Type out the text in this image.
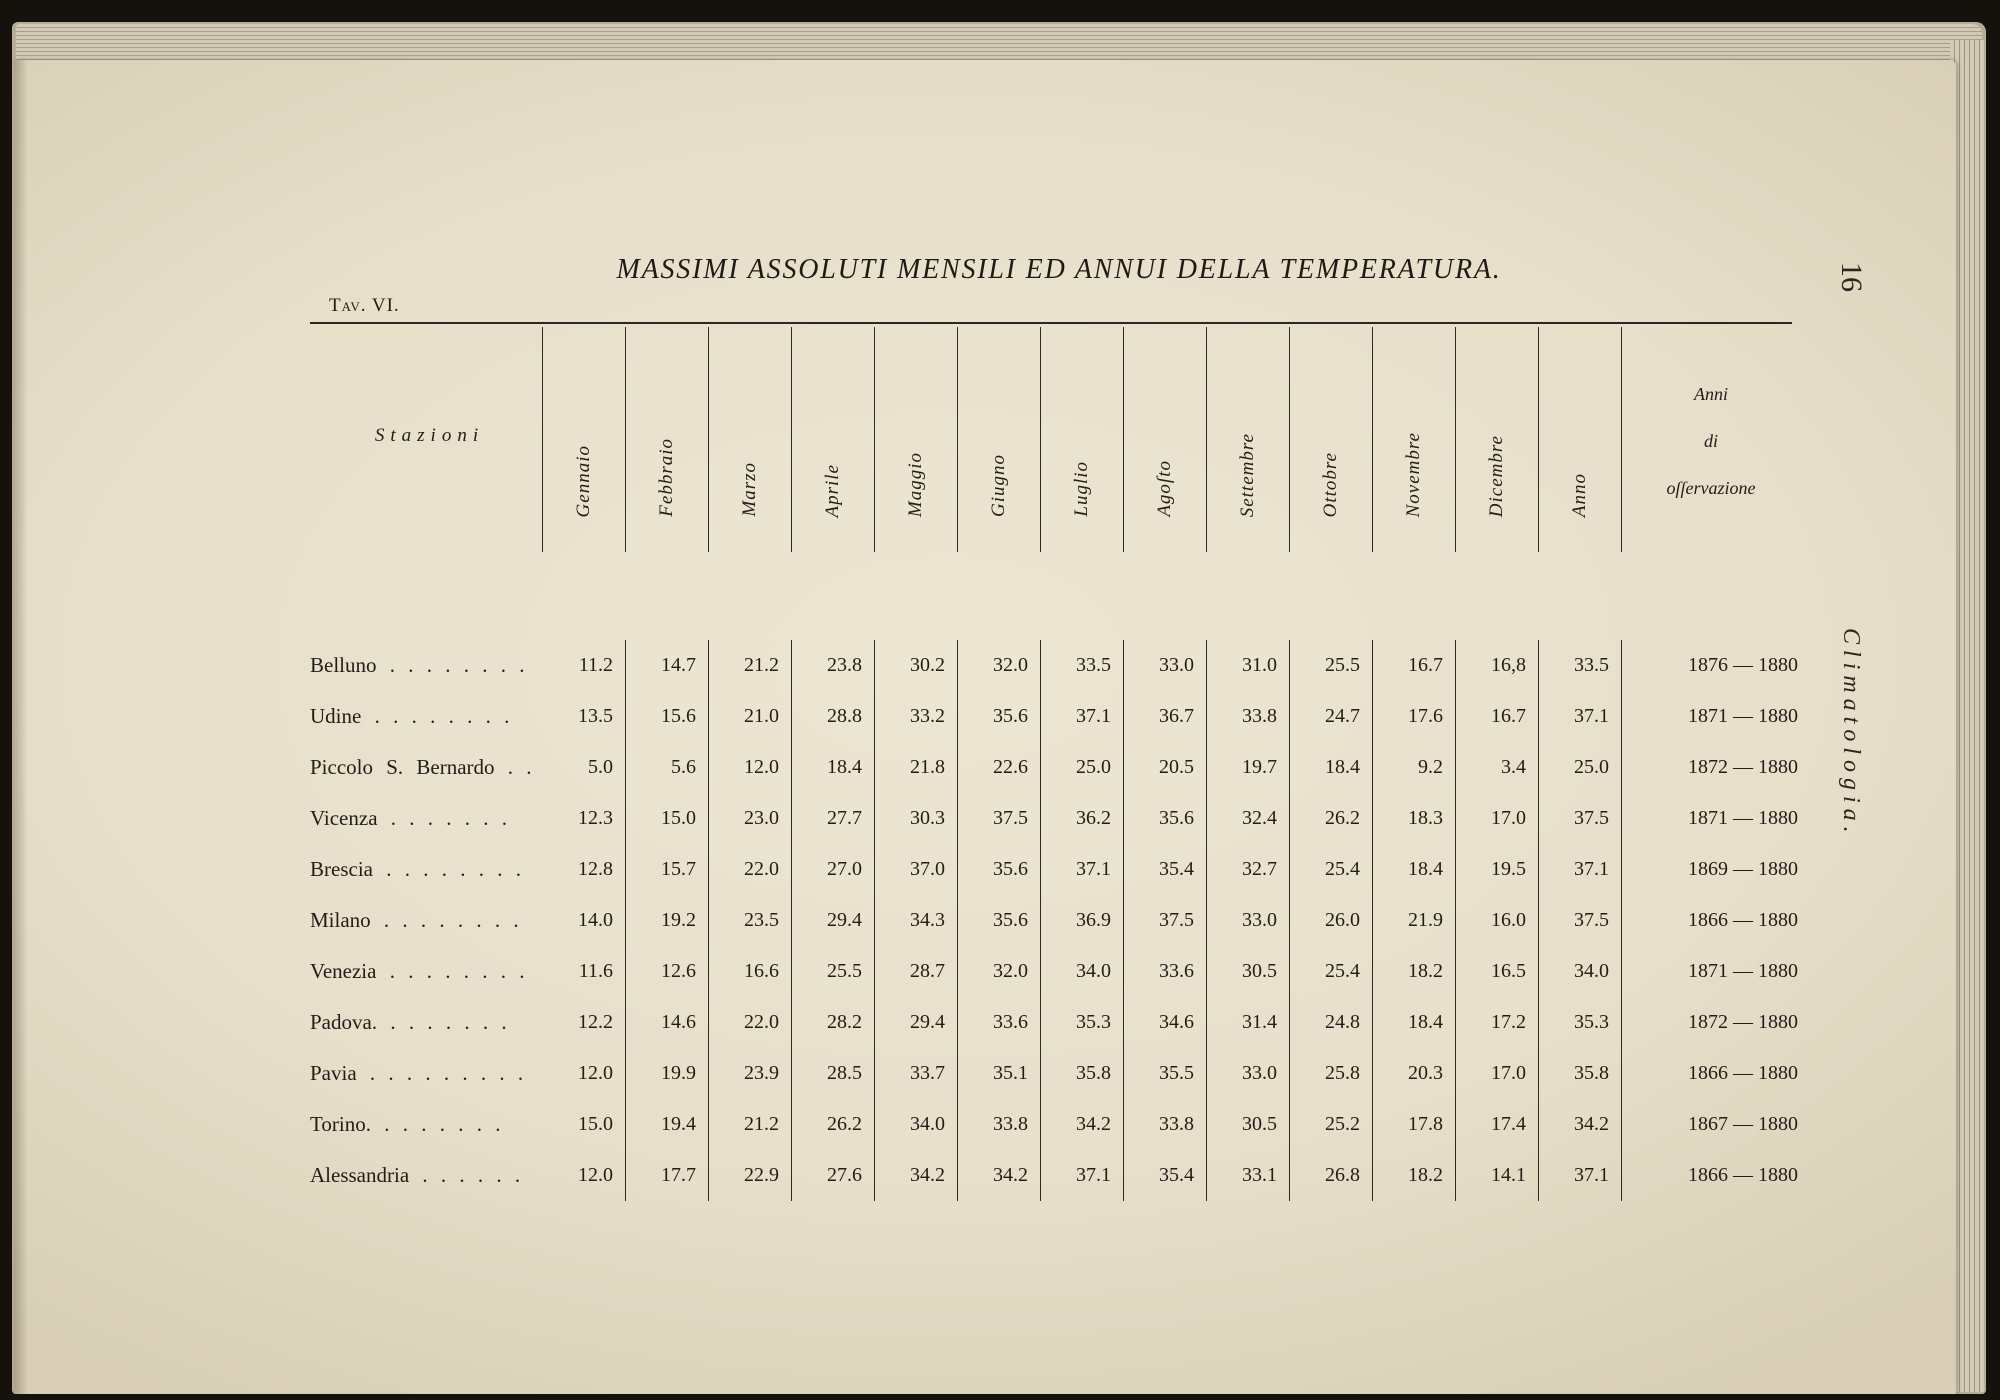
MASSIMI ASSOLUTI MENSILI ED ANNUI DELLA TEMPERATURA.
Tav. VI.
16
Climatologia.
Stazioni
Gennaio	Febbraio	Marzo	Aprile	Maggio	Giugno	Luglio	Agoſto	Settembre	Ottobre	Novembre	Dicembre	Anno
Anni
di
oſſervazione
Belluno . . . . . . . .	11.2	14.7	21.2	23.8	30.2	32.0	33.5	33.0	31.0	25.5	16.7	16,8	33.5	1876 — 1880
Udine . . . . . . . .	13.5	15.6	21.0	28.8	33.2	35.6	37.1	36.7	33.8	24.7	17.6	16.7	37.1	1871 — 1880
Piccolo S. Bernardo . .	5.0	5.6	12.0	18.4	21.8	22.6	25.0	20.5	19.7	18.4	9.2	3.4	25.0	1872 — 1880
Vicenza . . . . . . .	12.3	15.0	23.0	27.7	30.3	37.5	36.2	35.6	32.4	26.2	18.3	17.0	37.5	1871 — 1880
Brescia . . . . . . . .	12.8	15.7	22.0	27.0	37.0	35.6	37.1	35.4	32.7	25.4	18.4	19.5	37.1	1869 — 1880
Milano . . . . . . . .	14.0	19.2	23.5	29.4	34.3	35.6	36.9	37.5	33.0	26.0	21.9	16.0	37.5	1866 — 1880
Venezia . . . . . . . .	11.6	12.6	16.6	25.5	28.7	32.0	34.0	33.6	30.5	25.4	18.2	16.5	34.0	1871 — 1880
Padova. . . . . . . .	12.2	14.6	22.0	28.2	29.4	33.6	35.3	34.6	31.4	24.8	18.4	17.2	35.3	1872 — 1880
Pavia . . . . . . . . .	12.0	19.9	23.9	28.5	33.7	35.1	35.8	35.5	33.0	25.8	20.3	17.0	35.8	1866 — 1880
Torino. . . . . . . .	15.0	19.4	21.2	26.2	34.0	33.8	34.2	33.8	30.5	25.2	17.8	17.4	34.2	1867 — 1880
Alessandria . . . . . .	12.0	17.7	22.9	27.6	34.2	34.2	37.1	35.4	33.1	26.8	18.2	14.1	37.1	1866 — 1880
